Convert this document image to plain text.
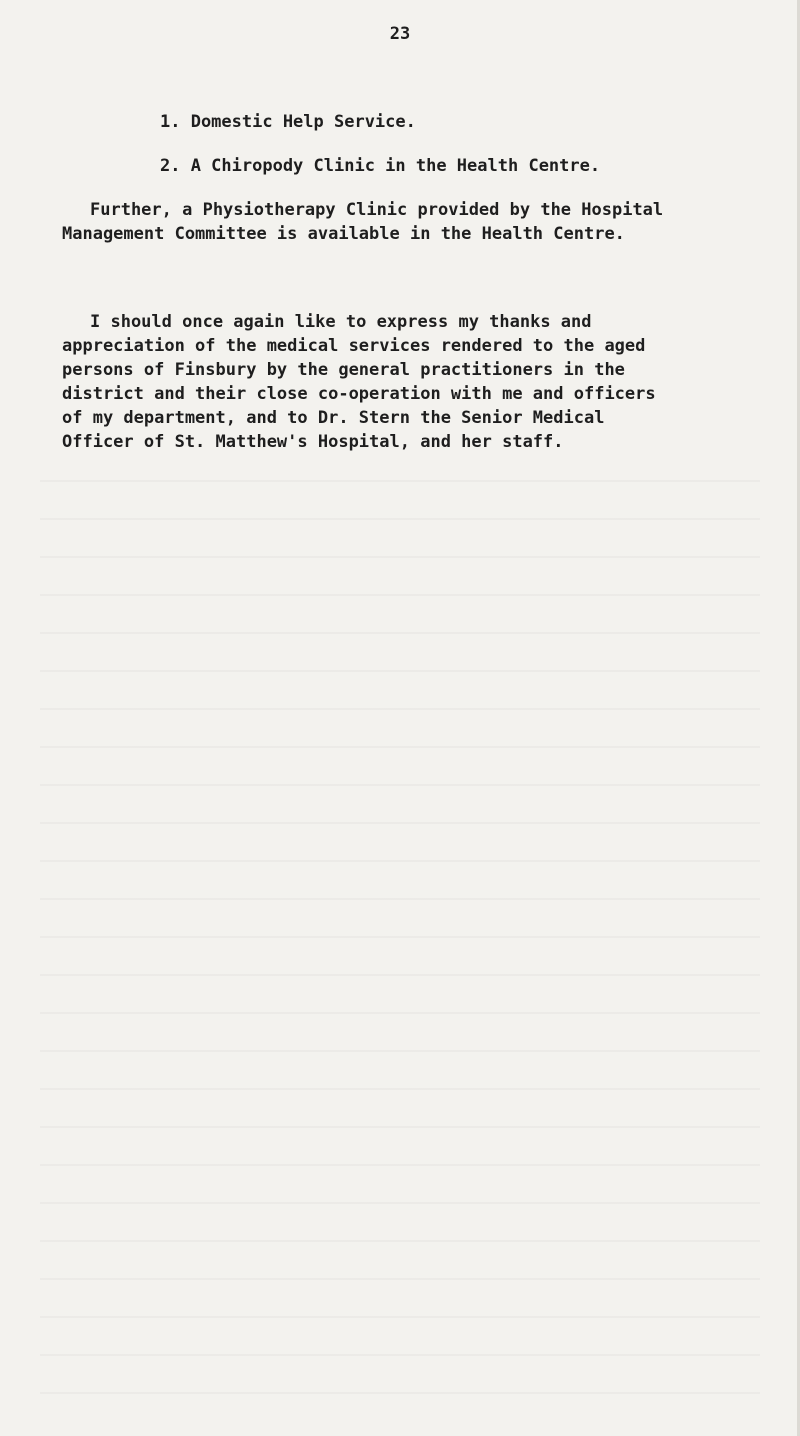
23
1. Domestic Help Service.
2. A Chiropody Clinic in the Health Centre.
Further, a Physiotherapy Clinic provided by the Hospital
Management Committee is available in the Health Centre.
I should once again like to express my thanks and
appreciation of the medical services rendered to the aged
persons of Finsbury by the general practitioners in the
district and their close co-operation with me and officers
of my department, and to Dr. Stern the Senior Medical
Officer of St. Matthew's Hospital, and her staff.
